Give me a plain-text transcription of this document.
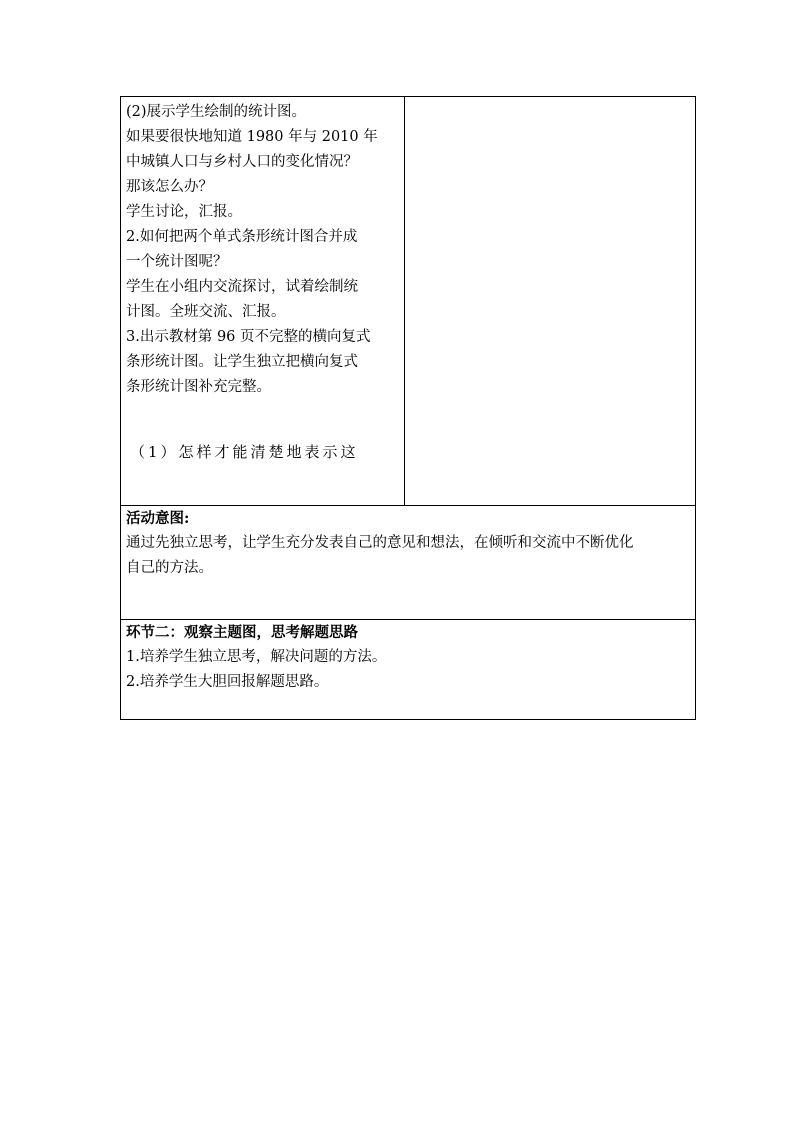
(2)展示学生绘制的统计图。
如果要很快地知道 1980 年与 2010 年
中城镇人口与乡村人口的变化情况？
那该怎么办？
学生讨论，汇报。
2.如何把两个单式条形统计图合并成
一个统计图呢？
学生在小组内交流探讨，试着绘制统
计图。全班交流、汇报。
3.出示教材第 96 页不完整的横向复式
条形统计图。让学生独立把横向复式
条形统计图补充完整。
（1）怎样才能清楚地表示这
活动意图:
通过先独立思考，让学生充分发表自己的意见和想法，在倾听和交流中不断优化
自己的方法。
环节二：观察主题图，思考解题思路
1.培养学生独立思考，解决问题的方法。
2.培养学生大胆回报解题思路。
